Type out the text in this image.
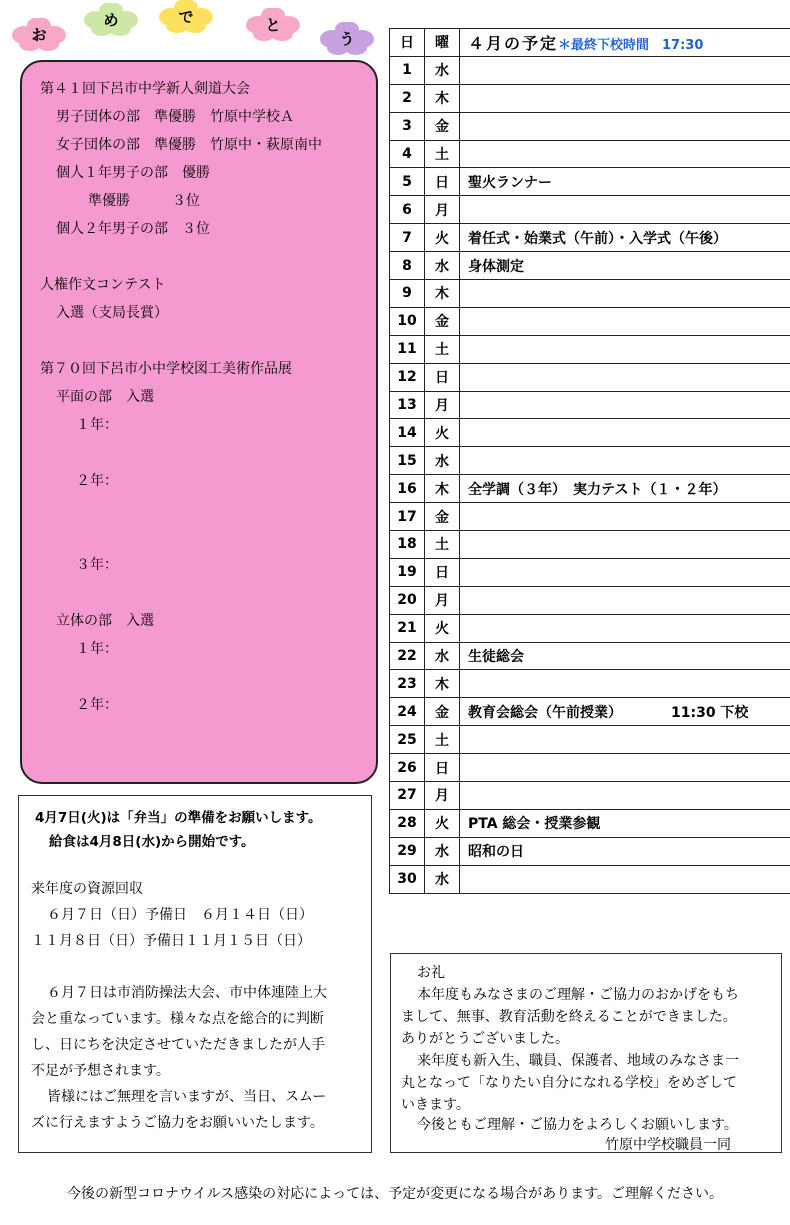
お
め	で	と
う
第４１回下呂市中学新人剣道大会
男子団体の部　準優勝　竹原中学校Ａ
女子団体の部　準優勝　竹原中・萩原南中
個人１年男子の部　優勝
準優勝　　　３位
個人２年男子の部　３位
人権作文コンテスト
入選（支局長賞）
第７０回下呂市小中学校図工美術作品展
平面の部　入選
１年：
２年：
３年：
立体の部　入選
１年：
２年：
日	曜	４月の予定＊最終下校時間　17:30
1	水	
2	木	
3	金	
4	土	
5	日	聖火ランナー
6	月	
7	火	着任式・始業式（午前）・入学式（午後）
8	水	身体測定
9	木	
10	金	
11	土	
12	日	
13	月	
14	火	
15	水	
16	木	全学調（３年）　実力テスト（１・２年）
17	金	
18	土	
19	日	
20	月	
21	火	
22	水	生徒総会
23	木	
24	金	教育会総会（午前授業）　　　　11:30 下校
25	土	
26	日	
27	月	
28	火	PTA 総会・授業参観
29	水	昭和の日
30	水	
4月7日(火)は「弁当」の準備をお願いします。
給食は4月8日(水)から開始です。
来年度の資源回収
６月７日（日）予備日　６月１４日（日）
１１月８日（日）予備日１１月１５日（日）
６月７日は市消防操法大会、市中体連陸上大
会と重なっています。様々な点を総合的に判断
し、日にちを決定させていただきましたが人手
不足が予想されます。
皆様にはご無理を言いますが、当日、スムー
ズに行えますようご協力をお願いいたします。
お礼
本年度もみなさまのご理解・ご協力のおかげをもち
まして、無事、教育活動を終えることができました。
ありがとうございました。
来年度も新入生、職員、保護者、地域のみなさま一
丸となって「なりたい自分になれる学校」をめざして
いきます。
今後ともご理解・ご協力をよろしくお願いします。
竹原中学校職員一同
今後の新型コロナウイルス感染の対応によっては、予定が変更になる場合があります。ご理解ください。
